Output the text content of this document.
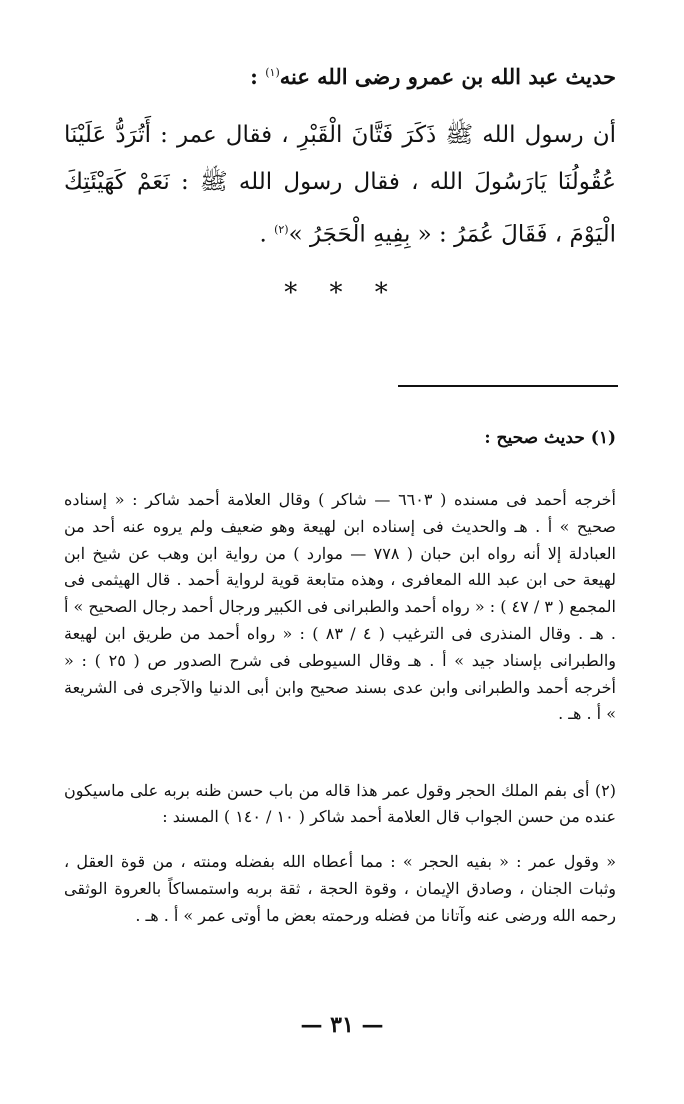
حديث عبد الله بن عمرو رضى الله عنه$^{(١)}$ :
أن رسول الله ﷺ ذَكَرَ فَتَّانَ الْقَبْرِ ، فقال عمر : أَتُرَدُّ عَلَيْنَا عُقُولُنَا يَارَسُولَ الله ، فقال رسول الله ﷺ : نَعَمْ كَهَيْئَتِكَ الْيَوْمَ ، فَقَالَ عُمَرُ : « بِفِيهِ الْحَجَرُ »$^{(٢)}$ .
* * *
(١) حديث صحيح :
أخرجه أحمد فى مسنده ( ٦٦٠٣ — شاكر ) وقال العلامة أحمد شاكر : « إسناده صحيح » أ . هـ والحديث فى إسناده ابن لهيعة وهو ضعيف ولم يروه عنه أحد من العبادلة إلا أنه رواه ابن حبان ( ٧٧٨ — موارد ) من رواية ابن وهب عن شيخ ابن لهيعة حى ابن عبد الله المعافرى ، وهذه متابعة قوية لرواية أحمد . قال الهيثمى فى المجمع ( ٣ / ٤٧ ) : « رواه أحمد والطبرانى فى الكبير ورجال أحمد رجال الصحيح » أ . هـ . وقال المنذرى فى الترغيب ( ٤ / ٨٣ ) : « رواه أحمد من طريق ابن لهيعة والطبرانى بإسناد جيد » أ . هـ وقال السيوطى فى شرح الصدور ص ( ٢٥ ) : « أخرجه أحمد والطبرانى وابن عدى بسند صحيح وابن أبى الدنيا والآجرى فى الشريعة » أ . هـ .
(٢) أى بفم الملك الحجر وقول عمر هذا قاله من باب حسن ظنه بربه على ماسيكون عنده من حسن الجواب قال العلامة أحمد شاكر ( ١٠ / ١٤٠ ) المسند :
« وقول عمر : « بفيه الحجر » : مما أعطاه الله بفضله ومنته ، من قوة العقل ، وثبات الجنان ، وصادق الإيمان ، وقوة الحجة ، ثقة بربه واستمساكاً بالعروة الوثقى رحمه الله ورضى عنه وآتانا من فضله ورحمته بعض ما أوتى عمر » أ . هـ .
— ٣١ —
